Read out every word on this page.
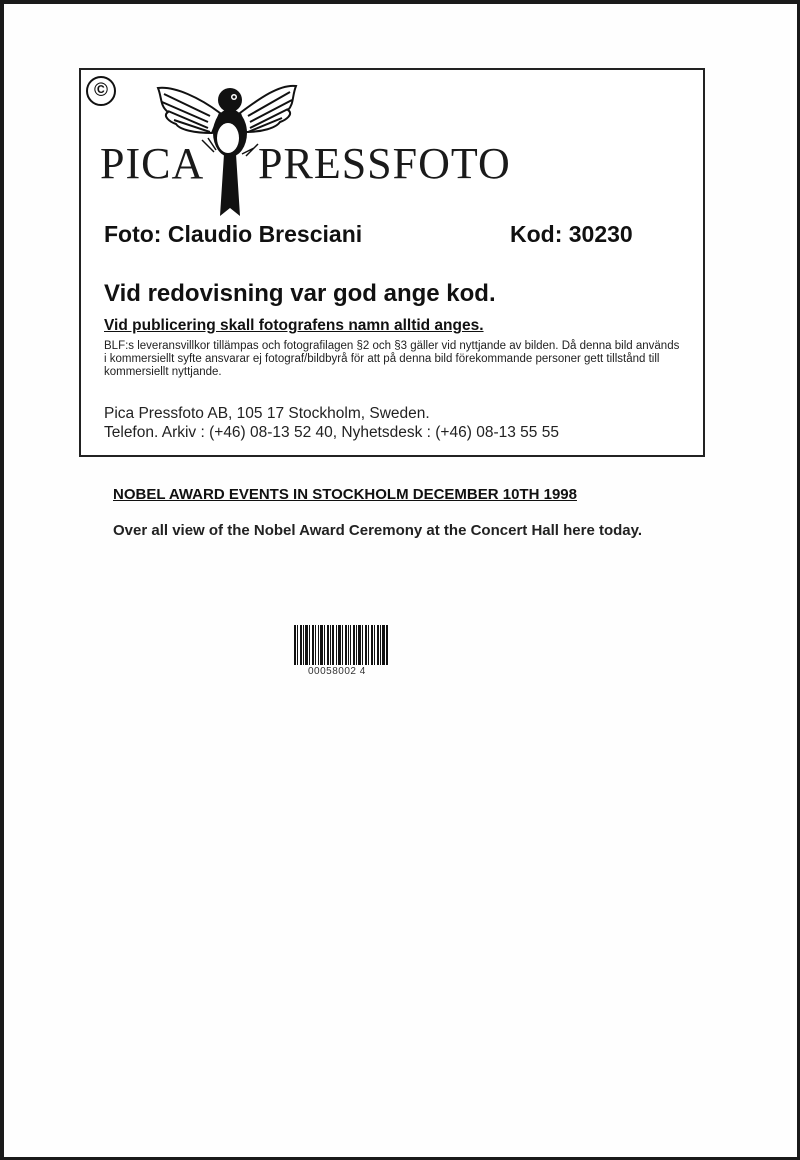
©
PICA PRESSFOTO
Foto: Claudio Bresciani	Kod: 30230
Vid redovisning var god ange kod.
Vid publicering skall fotografens namn alltid anges.
BLF:s leveransvillkor tillämpas och fotografilagen §2 och §3 gäller vid nyttjande av bilden. Då denna bild används i kommersiellt syfte ansvarar ej fotograf/bildbyrå för att på denna bild förekommande personer gett tillstånd till kommersiellt nyttjande.
Pica Pressfoto AB, 105 17 Stockholm, Sweden.
Telefon. Arkiv : (+46) 08-13 52 40, Nyhetsdesk : (+46) 08-13 55 55
NOBEL AWARD EVENTS IN STOCKHOLM DECEMBER 10TH 1998
Over all view of the Nobel Award Ceremony at the Concert Hall here today.
00058002 4
